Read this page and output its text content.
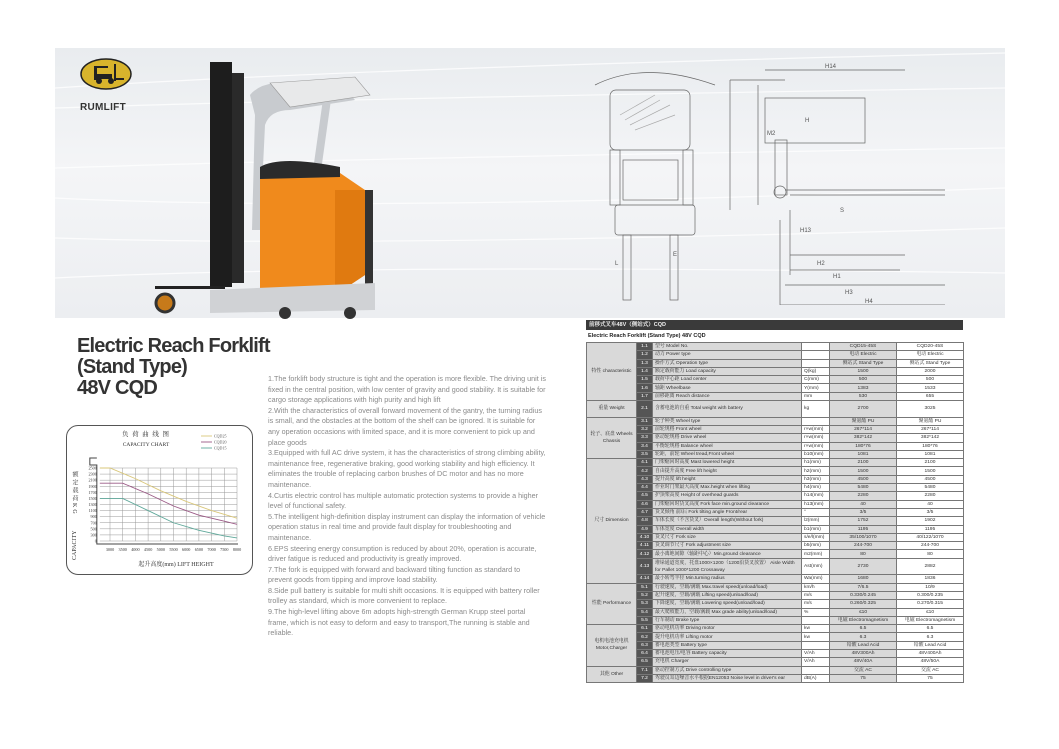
RUMLIFT
H14
H
M2
H13
H2
H1
H3
H4
E
L
S
Electric Reach Forklift
(Stand Type)
48V CQD
0
300
500
700
900
1100
1300
1500
1700
1900
2100
2300
2500
3000 3500 4000 4500 5000 5500 6000 6500 7000 7500 8000
CQD25
CQD20
CQD15
负 荷 曲 线 图
CAPACITY CHART
起升高度(mm) LIFT HEIGHT
额定载荷KG
CAPACITY
1.The forklift body structure is tight and the operation is more flexible. The driving unit is fixed in the central position, with low center of gravity and good stability. It is suitable for cargo storage applications with high purity and high lift
2.With the characteristics of overall forward movement of the gantry, the turning radius is small, and the obstacles at the bottom of the shelf can be ignored. It is suitable for any operation occasions with limited space, and it is more convenient to pick up and place goods
3.Equipped with full AC drive system, it has the characteristics of strong climbing ability, maintenance free, regenerative braking, good working stability and high efficiency. It eliminates the trouble of replacing carbon brushes of DC motor and has no more maintenance.
4.Curtis electric control has multiple automatic protection systems to provide a higher level of functional safety.
5.The intelligent high-definition display instrument can display the information of vehicle operation status in real time and provide fault display for troubleshooting and maintenance.
6.EPS steering energy consumption is reduced by about 20%, operation is accurate, driver fatigue is reduced and productivity is greatly improved.
7.The fork is equipped with forward and backward tilting function as standard to prevent goods from tipping and improve load stability.
8.Side pull battery is suitable for multi shift occasions. It is equipped with battery roller trolley as standard, which is more convenient to replace.
9.The high-level lifting above 6m adopts high-strength German Krupp steel portal frame, which is not easy to deform and easy to transport,The running is stable and reliable.
前移式叉车48V（侧站式）CQD
Electric Reach Forklift (Stand Type) 48V CQD
特性 characteristic	1.1	型号 Model No.		CQD15-45S	CQD20-45S
	1.2	动力 Power type		电动 Electric	电动 Electric
	1.3	操作方式 Operation type		侧站式 Stand Type	侧站式 Stand Type
	1.4	额定载荷能力 Load capacity	Q(kg)	1500	2000
	1.5	载荷中心距 Load center	C(mm)	500	500
	1.6	轴距 Wheelbase	Y(mm)	1383	1533
	1.7	前移距离 Reach distance	mm	530	655
重量 Weight	2.1	含蓄电池的自重 Total weight with battery	kg	2700	3025
轮子、底盘 Wheels Chassis	3.1	轮子种类 Wheel type		聚氨酯 PU	聚氨酯 PU
	3.2	前轮规格 Front wheel	r×w(mm)	267*114	267*114
	3.3	驱动轮规格 Drive wheel	r×w(mm)	382*142	382*142
	3.4	平衡轮规格 Balance wheel	r×w(mm)	180*76	180*76
	3.5	轮距，前轮 Wheel tread,Front wheel	b10(mm)	1081	1081
尺寸 Dimension	4.1	门架缩回时高度 Mast lowered height	h1(mm)	2100	2100
	4.2	自由提升高度 Free lift height	h2(mm)	1500	1500
	4.3	提升高度 lift height	h3(mm)	4500	4500
	4.4	作业时门架最大高度 Max.height when lifting	h4(mm)	5480	5480
	4.5	护顶架高度 Height of overhead guards	h14(mm)	2280	2280
	4.6	门架缩回时货叉高度 Fork face min.ground clearance	h13(mm)	40	40
	4.7	货叉倾角 前/后 Fork tilting angle Front/rear	°	3/5	3/5
	4.8	车体长度（不含货叉）Overall length(Without fork)	l2(mm)	1752	1902
	4.9	车体宽度 Overall width	b1(mm)	1195	1195
	4.10	货叉尺寸 Fork size	s/e/l(mm)	35/100/1070	40/122/1070
	4.11	货叉调节尺寸 Fork adjustment size	b5(mm)	244-700	244-700
	4.12	最小离地间隙（轴距中心）Min.ground clearance	m2(mm)	80	80
	4.13	堆垛通道宽度，托盘1000×1200（1200沿货叉放置） Aisle Width for Pallet 1000*1200 Crossaway	Ast(mm)	2730	2882
	4.14	最小转弯半径 Min.turning radius	Wa(mm)	1680	1836
性能 Performance	5.1	行驶速度，空载/满载 Max.travel speed(unload/load)	km/h	7/6.5	10/9
	5.2	起升速度，空载/满载 Lifting speed(unload/load)	m/s	0.330/0.245	0.300/0.235
	5.3	下降速度，空载/满载 Lowering speed(unload/load)	m/s	0.260/0.325	0.270/0.315
	5.4	最大爬坡能力，空载/满载 Max grade ability(unload/load)	%	≤10	≤10
	5.5	行车制动 Brake type		电磁 Electromagnetism	电磁 Electromagnetism
电机电池充电机 Motor,Charger	6.1	驱动电机功率 Driving motor	kw	6.5	6.5
	6.2	提升电机功率 Lifting motor	kw	6.3	6.3
	6.3	蓄电池类型 Battery type		铅酸 Lead Acid	铅酸 Lead Acid
	6.4	蓄电池电压/电容 Battery capacity	V/Ah	48V300Ah	48V400Ah
	6.5	充电机 Charger	V/Ah	48V/40A	48V/50A
其他 Other	7.1	驱动控制方式 Drive controlling type		交流 AC	交流 AC
	7.2	驾驶员耳边噪音水平根据EN12053 Noise level in driver's ear	dB(A)	75	75
